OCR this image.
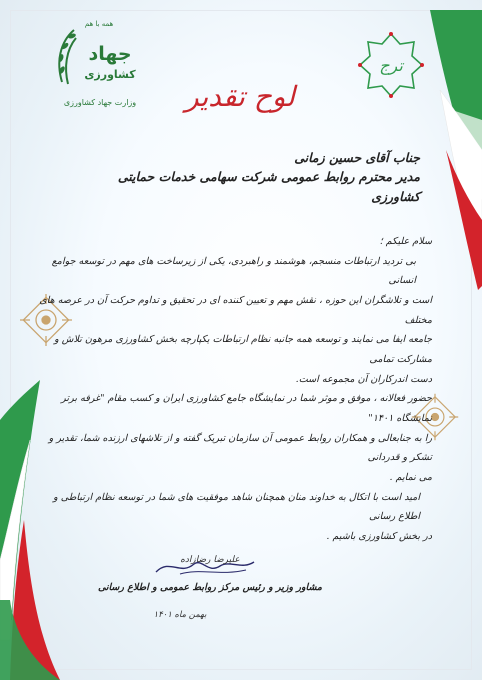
همه با هم
جهاد
کشاورزی
وزارت جهاد کشاورزی
ترج
لوح تقدیر
جناب آقای حسین زمانی
مدیر محترم روابط عمومی شرکت سهامی خدمات حمایتی کشاورزی

سلام علیکم ؛

بی تردید ارتباطات منسجم، هوشمند و راهبردی، یکی از زیرساخت های مهم در توسعه جوامع انسانی

است و تلاشگران این حوزه ، نقش مهم و تعیین کننده ای در تحقیق و تداوم حرکت آن در عرصه های مختلف

جامعه ایفا می نمایند و توسعه همه جانبه نظام ارتباطات یکپارچه بخش کشاورزی مرهون تلاش و مشارکت تمامی

دست اندرکاران آن مجموعه است.

حضور فعالانه ، موفق و موثر شما در نمایشگاه جامع کشاورزی ایران و کسب مقام "غرفه برتر نمایشگاه ۱۴۰۱"

را به جنابعالی و همکاران روابط عمومی آن سازمان تبریک گفته و از تلاشهای ارزنده شما، تقدیر و تشکر و قدردانی

می نمایم .

امید است با اتکال به خداوند منان همچنان شاهد موفقیت های شما در توسعه نظام ارتباطی و اطلاع رسانی

در بخش کشاورزی باشیم .

علیرضا رضازاده
مشاور وزیر و رئیس مرکز روابط عمومی و اطلاع رسانی
بهمن ماه ۱۴۰۱
